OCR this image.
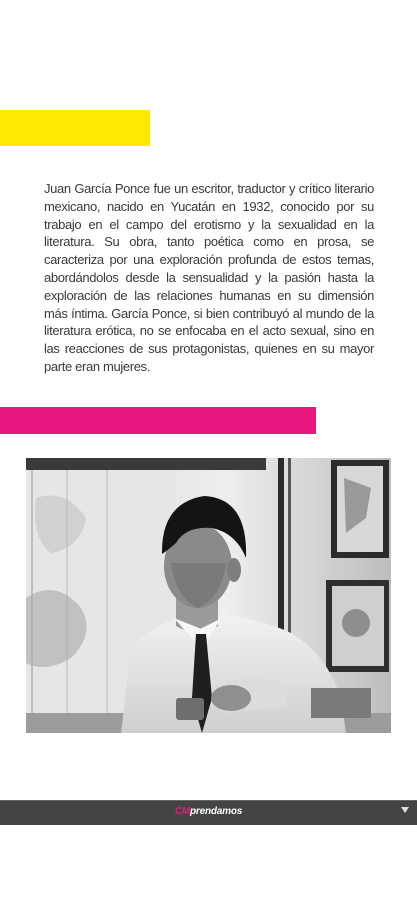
Juan García Ponce fue un escritor, traductor y crítico literario mexicano, nacido en Yucatán en 1932, conocido por su trabajo en el campo del erotismo y la sexualidad en la literatura. Su obra, tanto poética como en prosa, se caracteriza por una exploración profunda de estos temas, abordándolos desde la sensualidad y la pasión hasta la exploración de las relaciones humanas en su dimensión más íntima. García Ponce, si bien contribuyó al mundo de la literatura erótica, no se enfocaba en el acto sexual, sino en las reacciones de sus protagonistas, quienes en su mayor parte eran mujeres.
CMprendamos
